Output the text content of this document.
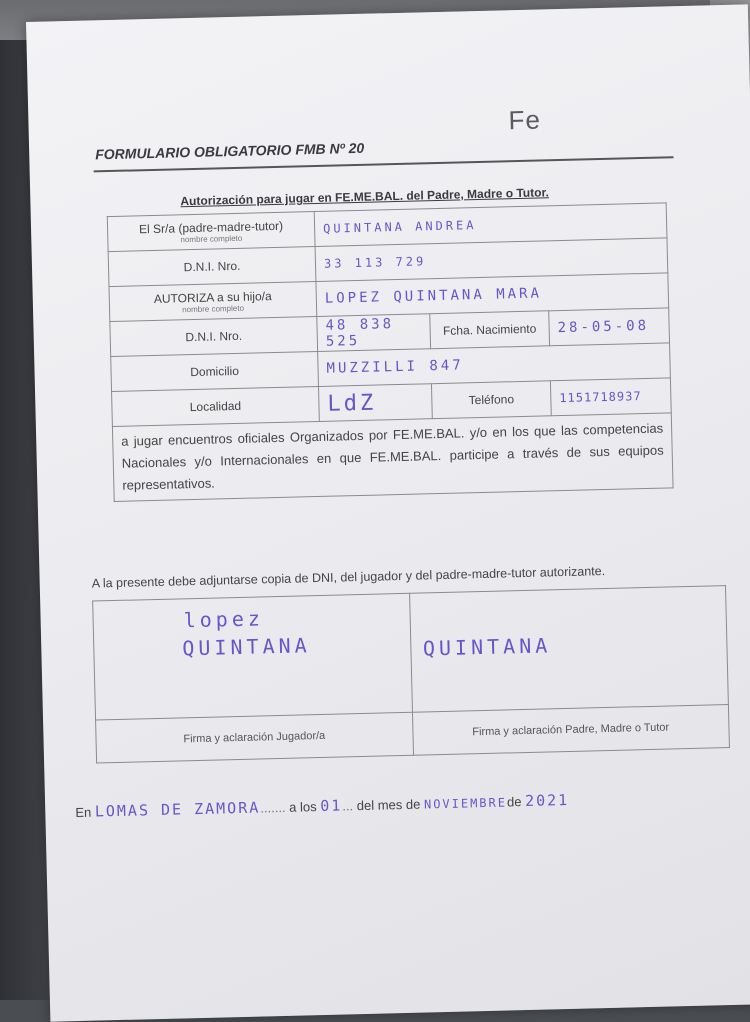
Fe
FORMULARIO OBLIGATORIO FMB Nº 20
Autorización para jugar en FE.ME.BAL. del Padre, Madre o Tutor.
El Sr/a (padre-madre-tutor)
nombre completo	QUINTANA ANDREA		
D.N.I. Nro.	33 113 729		

AUTORIZA a su hijo/a
nombre completo	LOPEZ QUINTANA MARA		
D.N.I. Nro.	48 838 525	Fcha. Nacimiento	28-05-08
Domicilio	MUZZILLI 847		
Localidad	LdZ	Teléfono	1151718937
a jugar encuentros oficiales Organizados por FE.ME.BAL. y/o en los que las competencias Nacionales y/o Internacionales en que FE.ME.BAL. participe a través de sus equipos representativos.			
A la presente debe adjuntarse copia de DNI, del jugador y del padre-madre-tutor autorizante.
lopez
QUINTANA	QUINTANA

Firma y aclaración Jugador/a	Firma y aclaración Padre, Madre o Tutor
En LOMAS DE ZAMORA....... a los 01... del mes de NOVIEMBREde 2021
